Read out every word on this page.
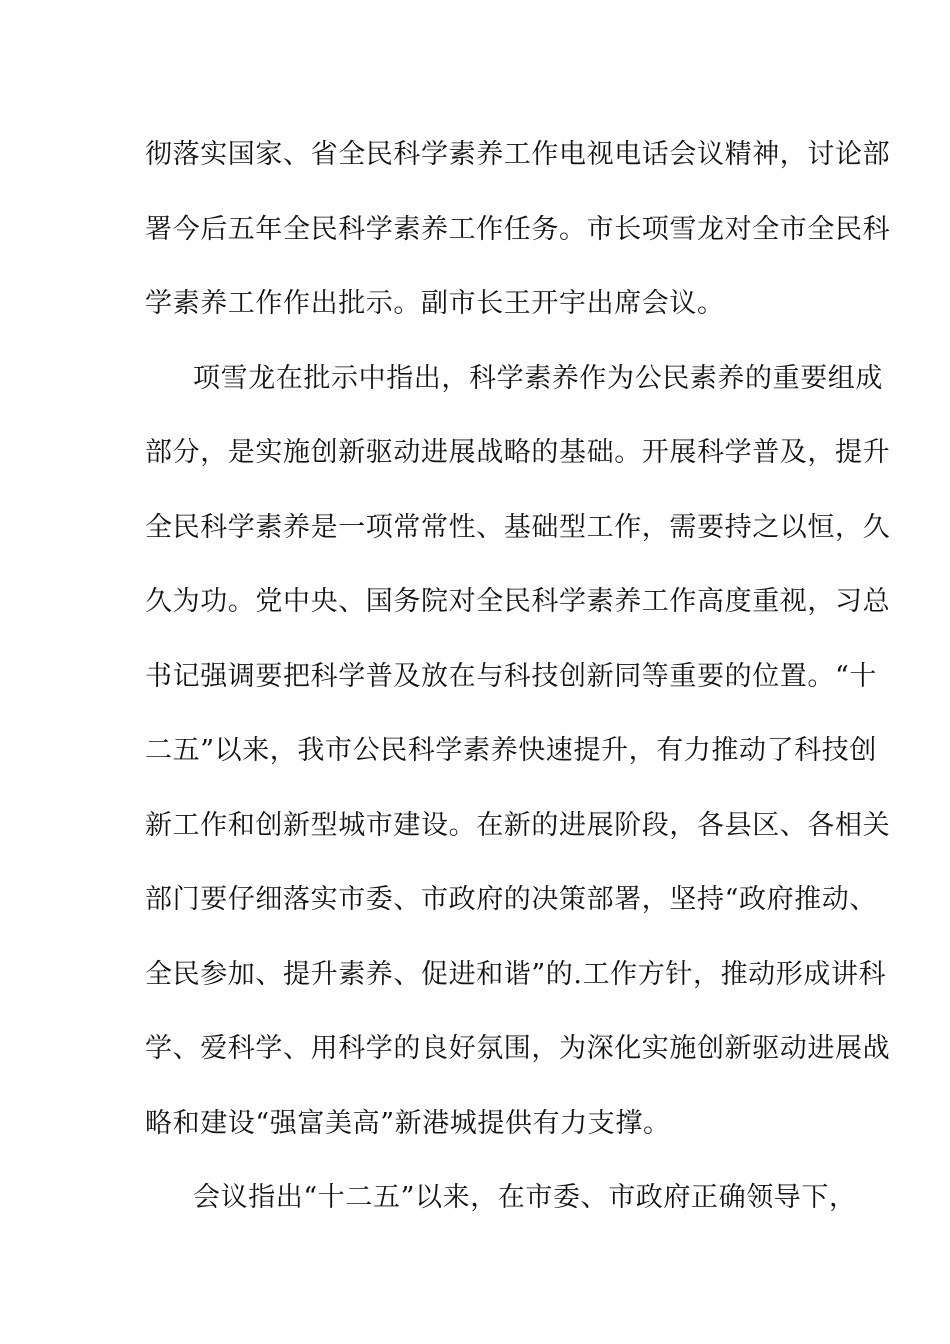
彻落实国家、省全民科学素养工作电视电话会议精神，讨论部
署今后五年全民科学素养工作任务。市长项雪龙对全市全民科
学素养工作作出批示。副市长王开宇出席会议。
项雪龙在批示中指出，科学素养作为公民素养的重要组成
部分，是实施创新驱动进展战略的基础。开展科学普及，提升
全民科学素养是一项常常性、基础型工作，需要持之以恒，久
久为功。党中央、国务院对全民科学素养工作高度重视，习总
书记强调要把科学普及放在与科技创新同等重要的位置。“十
二五”以来，我市公民科学素养快速提升，有力推动了科技创
新工作和创新型城市建设。在新的进展阶段，各县区、各相关
部门要仔细落实市委、市政府的决策部署，坚持“政府推动、
全民参加、提升素养、促进和谐”的.工作方针，推动形成讲科
学、爱科学、用科学的良好氛围，为深化实施创新驱动进展战
略和建设“强富美高”新港城提供有力支撑。
会议指出“十二五”以来，在市委、市政府正确领导下，
